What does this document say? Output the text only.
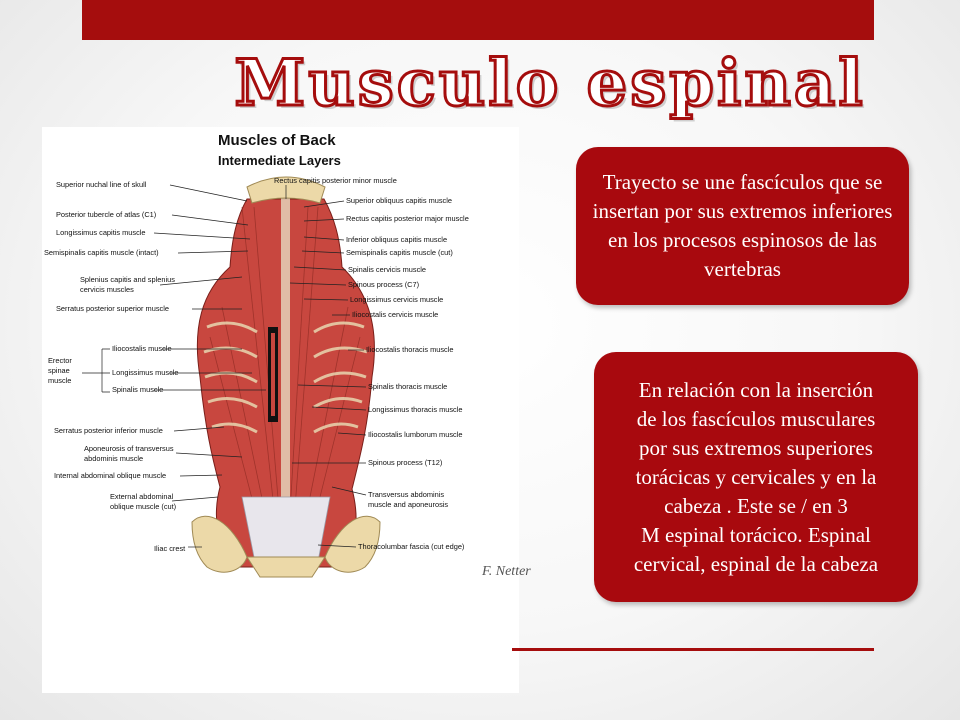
Musculo espinal
Muscles of Back
Intermediate Layers
Superior nuchal line of skull
Posterior tubercle of atlas (C1)
Longissimus capitis muscle
Semispinalis capitis muscle (intact)
Splenius capitis and splenius
cervicis muscles
Serratus posterior superior muscle
Iliocostalis muscle
Longissimus muscle
Spinalis muscle
Serratus posterior inferior muscle
Aponeurosis of transversus
abdominis muscle
Internal abdominal oblique muscle
External abdominal
oblique muscle (cut)
Iliac crest
Erector
spinae
muscle
Rectus capitis posterior minor muscle
Superior obliquus capitis muscle
Rectus capitis posterior major muscle
Inferior obliquus capitis muscle
Semispinalis capitis muscle (cut)
Spinalis cervicis muscle
Spinous process (C7)
Longissimus cervicis muscle
Iliocostalis cervicis muscle
Iliocostalis thoracis muscle
Spinalis thoracis muscle
Longissimus thoracis muscle
Iliocostalis lumborum muscle
Spinous process (T12)
Transversus abdominis
muscle and aponeurosis
Thoracolumbar fascia (cut edge)
F. Netter

Trayecto se une fascículos que se insertan por sus extremos inferiores en los procesos espinosos de las vertebras

En relación con la inserción
de los fascículos musculares
por sus extremos superiores
torácicas y cervicales y en la
cabeza . Este se / en 3
M espinal torácico. Espinal
cervical, espinal de la cabeza
